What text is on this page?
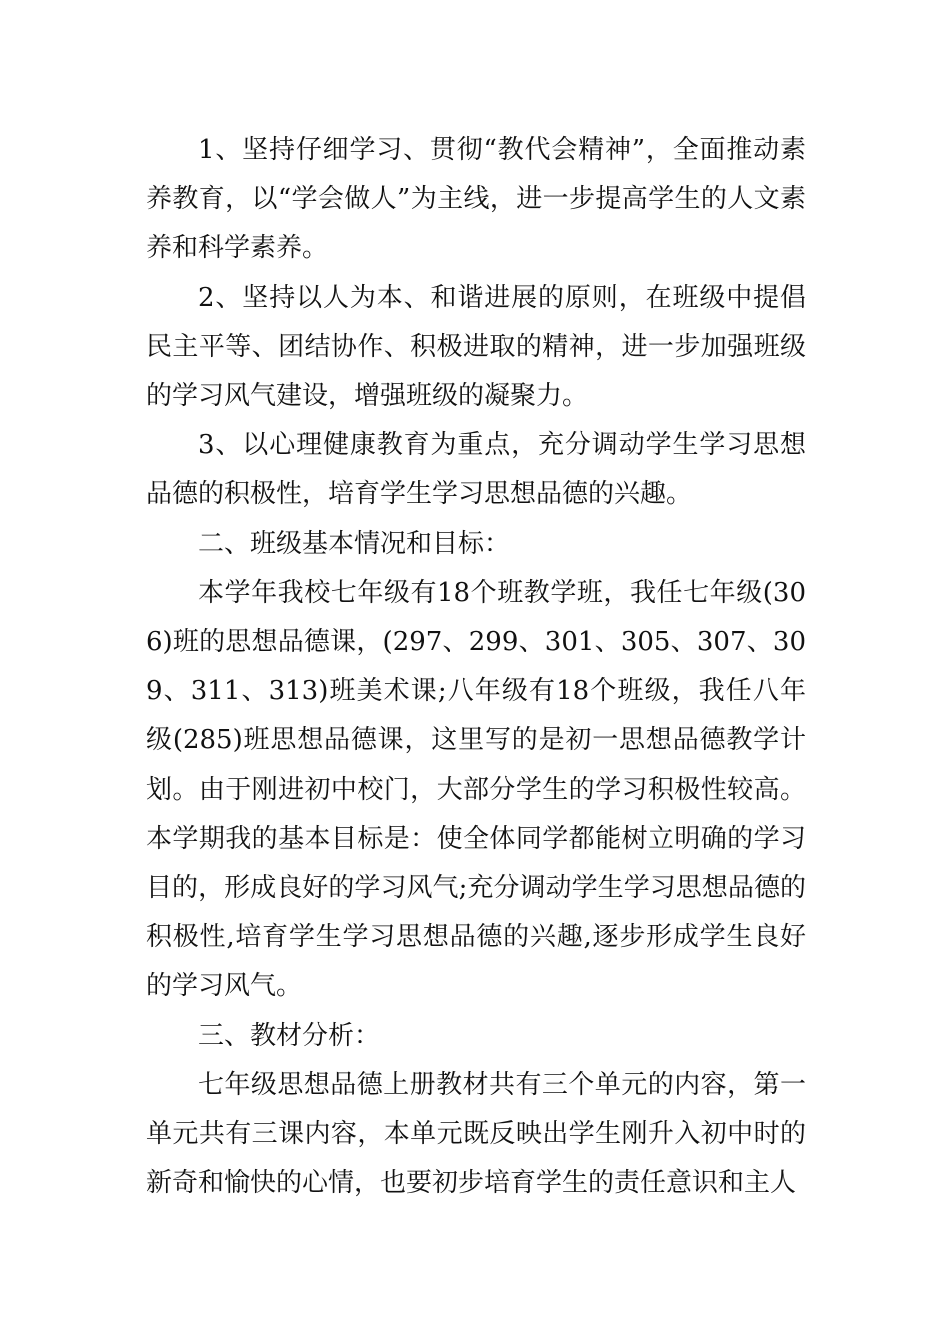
1、坚持仔细学习、贯彻“教代会精神”，全面推动素养教育，以“学会做人”为主线，进一步提高学生的人文素养和科学素养。

2、坚持以人为本、和谐进展的原则，在班级中提倡民主平等、团结协作、积极进取的精神，进一步加强班级的学习风气建设，增强班级的凝聚力。

3、以心理健康教育为重点，充分调动学生学习思想品德的积极性，培育学生学习思想品德的兴趣。

二、班级基本情况和目标：

本学年我校七年级有18个班教学班，我任七年级(306)班的思想品德课，(297、299、301、305、307、309、311、313)班美术课;八年级有18个班级，我任八年级(285)班思想品德课，这里写的是初一思想品德教学计划。由于刚进初中校门，大部分学生的学习积极性较高。本学期我的基本目标是：使全体同学都能树立明确的学习目的，形成良好的学习风气;充分调动学生学习思想品德的积极性,培育学生学习思想品德的兴趣,逐步形成学生良好的学习风气。

三、教材分析：

七年级思想品德上册教材共有三个单元的内容，第一单元共有三课内容，本单元既反映出学生刚升入初中时的新奇和愉快的心情，也要初步培育学生的责任意识和主人
